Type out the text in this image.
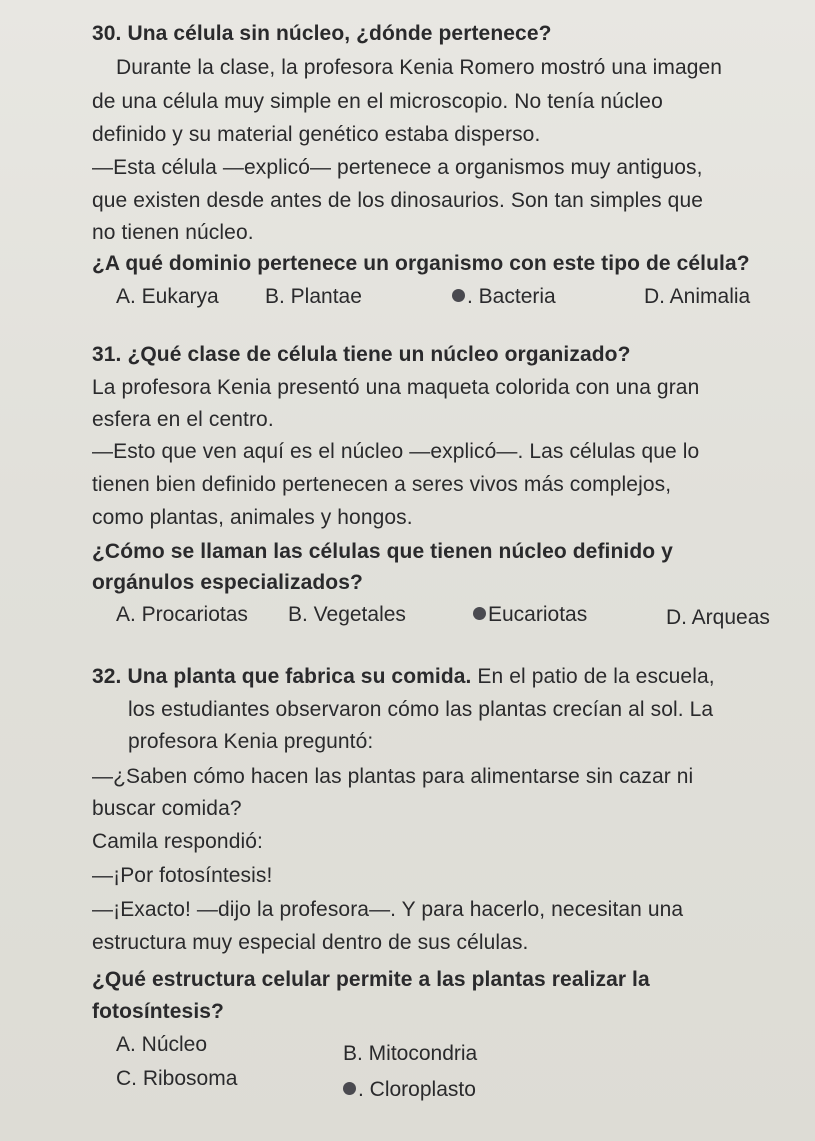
30. Una célula sin núcleo, ¿dónde pertenece?
Durante la clase, la profesora Kenia Romero mostró una imagen
de una célula muy simple en el microscopio. No tenía núcleo
definido y su material genético estaba disperso.
—Esta célula —explicó— pertenece a organismos muy antiguos,
que existen desde antes de los dinosaurios. Son tan simples que
no tienen núcleo.
¿A qué dominio pertenece un organismo con este tipo de célula?
A. Eukarya B. Plantae	. Bacteria	D. Animalia
31. ¿Qué clase de célula tiene un núcleo organizado?
La profesora Kenia presentó una maqueta colorida con una gran
esfera en el centro.
—Esto que ven aquí es el núcleo —explicó—. Las células que lo
tienen bien definido pertenecen a seres vivos más complejos,
como plantas, animales y hongos.
¿Cómo se llaman las células que tienen núcleo definido y
orgánulos especializados?
A. Procariotas B. Vegetales	Eucariotas	D. Arqueas
32. Una planta que fabrica su comida. En el patio de la escuela,
los estudiantes observaron cómo las plantas crecían al sol. La
profesora Kenia preguntó:
—¿Saben cómo hacen las plantas para alimentarse sin cazar ni
buscar comida?
Camila respondió:
—¡Por fotosíntesis!
—¡Exacto! —dijo la profesora—. Y para hacerlo, necesitan una
estructura muy especial dentro de sus células.
¿Qué estructura celular permite a las plantas realizar la
fotosíntesis?
A. Núcleo	B. Mitocondria
C. Ribosoma	. Cloroplasto
